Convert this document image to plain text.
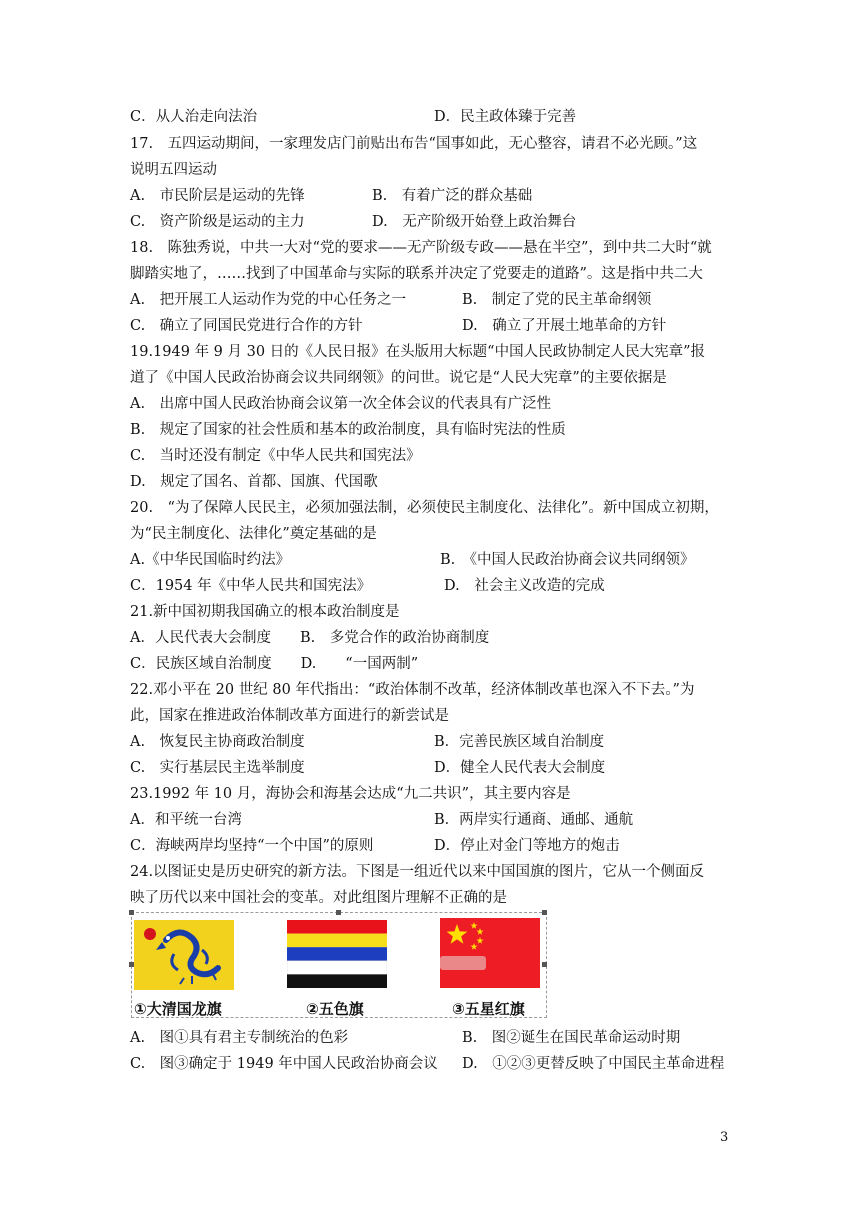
C．从人治走向法治	D．民主政体臻于完善
17.　五四运动期间，一家理发店门前贴出布告“国事如此，无心整容，请君不必光顾。”这
说明五四运动
A.　市民阶层是运动的先锋	B.　有着广泛的群众基础
C.　资产阶级是运动的主力	D.　无产阶级开始登上政治舞台
18.　陈独秀说，中共一大对“党的要求——无产阶级专政——悬在半空”，到中共二大时“就
脚踏实地了，……找到了中国革命与实际的联系并决定了党要走的道路”。这是指中共二大
A.　把开展工人运动作为党的中心任务之一	B.　制定了党的民主革命纲领
C.　确立了同国民党进行合作的方针	D.　确立了开展土地革命的方针
19.1949 年 9 月 30 日的《人民日报》在头版用大标题“中国人民政协制定人民大宪章”报
道了《中国人民政治协商会议共同纲领》的问世。说它是“人民大宪章”的主要依据是
A.　出席中国人民政治协商会议第一次全体会议的代表具有广泛性
B.　规定了国家的社会性质和基本的政治制度，具有临时宪法的性质
C.　当时还没有制定《中华人民共和国宪法》
D.　规定了国名、首都、国旗、代国歌
20.　“为了保障人民民主，必须加强法制，必须使民主制度化、法律化”。新中国成立初期，
为“民主制度化、法律化”奠定基础的是
A.《中华民国临时约法》	B.　《中国人民政治协商会议共同纲领》
C．1954 年《中华人民共和国宪法》	D.　社会主义改造的完成
21.新中国初期我国确立的根本政治制度是
A．人民代表大会制度　　B.　多党合作的政治协商制度
C．民族区域自治制度　　D.　　“一国两制”
22.邓小平在 20 世纪 80 年代指出：“政治体制不改革，经济体制改革也深入不下去。”为
此，国家在推进政治体制改革方面进行的新尝试是
A.　恢复民主协商政治制度	B．完善民族区域自治制度
C.　实行基层民主选举制度	D．健全人民代表大会制度
23.1992 年 10 月，海协会和海基会达成“九二共识”，其主要内容是
A．和平统一台湾	B．两岸实行通商、通邮、通航
C．海峡两岸均坚持“一个中国”的原则	D．停止对金门等地方的炮击
24.以图证史是历史研究的新方法。下图是一组近代以来中国国旗的图片，它从一个侧面反
映了历代以来中国社会的变革。对此组图片理解不正确的是
①大清国龙旗	②五色旗	③五星红旗
A.　图①具有君主专制统治的色彩	B.　图②诞生在国民革命运动时期
C.　图③确定于 1949 年中国人民政治协商会议 D.　①②③更替反映了中国民主革命进程
3
